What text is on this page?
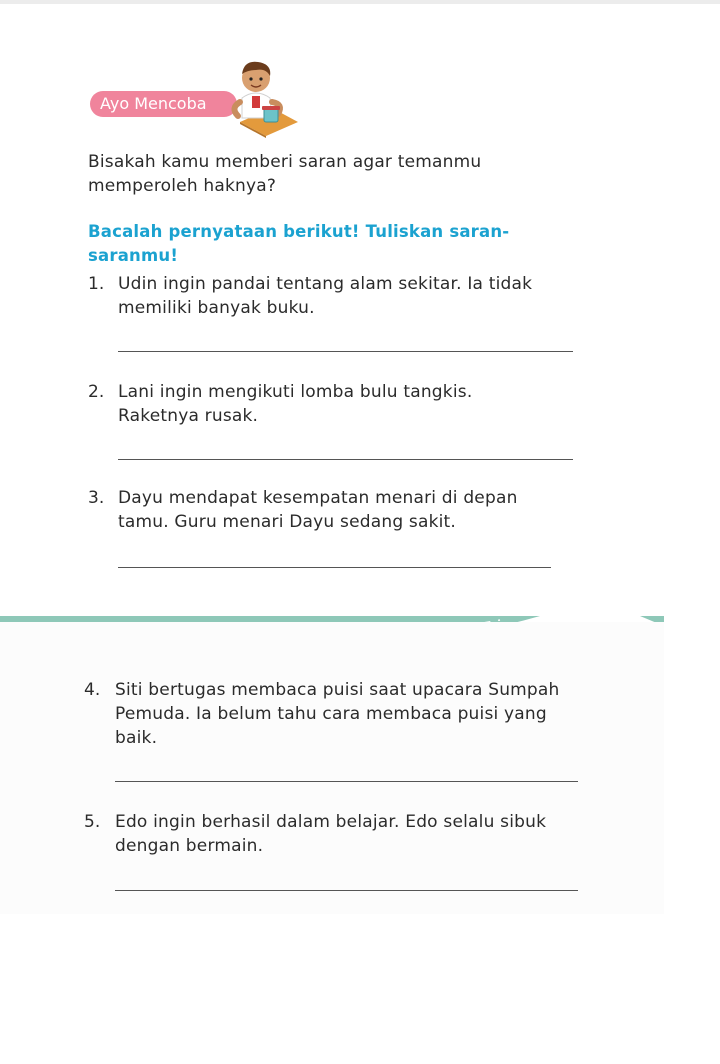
Ayo Mencoba
Bisakah kamu memberi saran agar temanmu memperoleh haknya?
Bacalah pernyataan berikut! Tuliskan saran-saranmu!
1. Udin ingin pandai tentang alam sekitar. Ia tidak memiliki banyak buku.
2. Lani ingin mengikuti lomba bulu tangkis. Raketnya rusak.
3. Dayu mendapat kesempatan menari di depan tamu. Guru menari Dayu sedang sakit.
4. Siti bertugas membaca puisi saat upacara Sumpah Pemuda. Ia belum tahu cara membaca puisi yang baik.
5. Edo ingin berhasil dalam belajar. Edo selalu sibuk dengan bermain.
